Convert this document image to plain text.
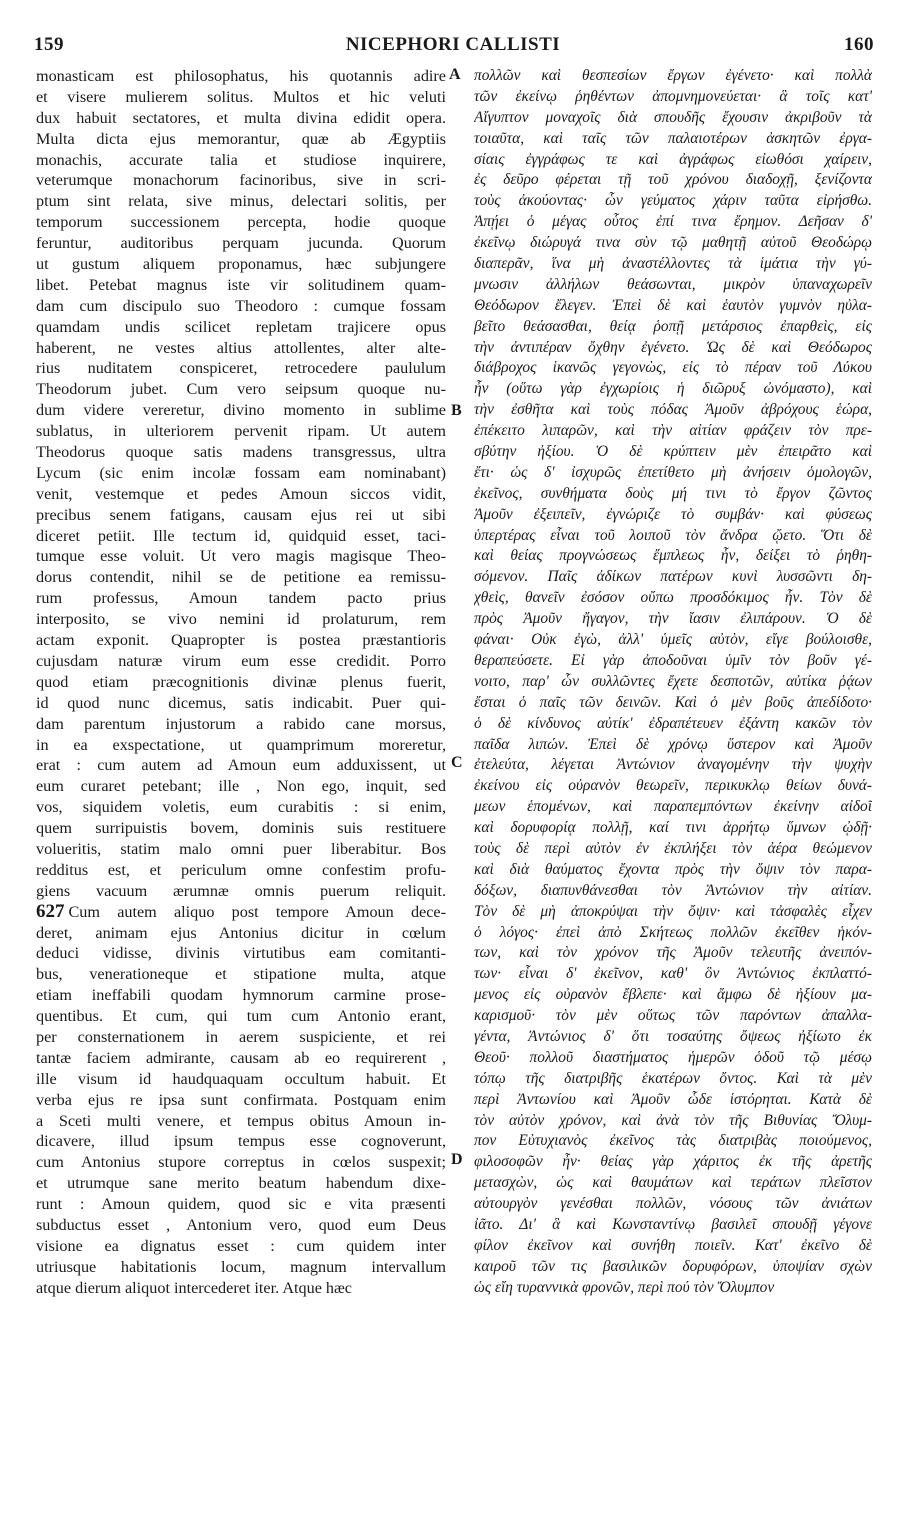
159	NICEPHORI CALLISTI	160
A
B
C
D
monasticam est philosophatus, his quotannis adire
et visere mulierem solitus. Multos et hic veluti
dux habuit sectatores, et multa divina edidit opera.
Multa dicta ejus memorantur, quæ ab Ægyptiis
monachis, accurate talia et studiose inquirere,
veterumque monachorum facinoribus, sive in scri-
ptum sint relata, sive minus, delectari solitis, per
temporum successionem percepta, hodie quoque
feruntur, auditoribus perquam jucunda. Quorum
ut gustum aliquem proponamus, hæc subjungere
libet. Petebat magnus iste vir solitudinem quam-
dam cum discipulo suo Theodoro : cumque fossam
quamdam undis scilicet repletam trajicere opus
haberent, ne vestes altius attollentes, alter alte-
rius nuditatem conspiceret, retrocedere paululum
Theodorum jubet. Cum vero seipsum quoque nu-
dum videre vereretur, divino momento in sublime
sublatus, in ulteriorem pervenit ripam. Ut autem
Theodorus quoque satis madens transgressus, ultra
Lycum (sic enim incolæ fossam eam nominabant)
venit, vestemque et pedes Amoun siccos vidit,
precibus senem fatigans, causam ejus rei ut sibi
diceret petiit. Ille tectum id, quidquid esset, taci-
tumque esse voluit. Ut vero magis magisque Theo-
dorus contendit, nihil se de petitione ea remissu-
rum professus, Amoun tandem pacto prius
interposito, se vivo nemini id prolaturum, rem
actam exponit. Quapropter is postea præstantioris
cujusdam naturæ virum eum esse credidit. Porro
quod etiam præcognitionis divinæ plenus fuerit,
id quod nunc dicemus, satis indicabit. Puer qui-
dam parentum injustorum a rabido cane morsus,
in ea exspectatione, ut quamprimum moreretur,
erat : cum autem ad Amoun eum adduxissent, ut
eum curaret petebant; ille , Non ego, inquit, sed
vos, siquidem voletis, eum curabitis : si enim,
quem surripuistis bovem, dominis suis restituere
volueritis, statim malo omni puer liberabitur. Bos
redditus est, et periculum omne confestim profu-
giens vacuum ærumnæ omnis puerum reliquit.
627 Cum autem aliquo post tempore Amoun dece-
deret, animam ejus Antonius dicitur in cœlum
deduci vidisse, divinis virtutibus eam comitanti-
bus, venerationeque et stipatione multa, atque
etiam ineffabili quodam hymnorum carmine prose-
quentibus. Et cum, qui tum cum Antonio erant,
per consternationem in aerem suspiciente, et rei
tantæ faciem admirante, causam ab eo requirerent ,
ille visum id haudquaquam occultum habuit. Et
verba ejus re ipsa sunt confirmata. Postquam enim
a Sceti multi venere, et tempus obitus Amoun in-
dicavere, illud ipsum tempus esse cognoverunt,
cum Antonius stupore correptus in cœlos suspexit;
et utrumque sane merito beatum habendum dixe-
runt : Amoun quidem, quod sic e vita præsenti
subductus esset , Antonium vero, quod eum Deus
visione ea dignatus esset : cum quidem inter
utriusque habitationis locum, magnum intervallum
atque dierum aliquot intercederet iter. Atque hæc
πολλῶν καὶ θεσπεσίων ἔργων ἐγένετο· καὶ πολλὰ
τῶν ἐκείνῳ ῥηθέντων ἀπομνημονεύεται· ἃ τοῖς κατ'
Αἴγυπτον μοναχοῖς διὰ σπουδῆς ἔχουσιν ἀκριβοῦν τὰ
τοιαῦτα, καὶ ταῖς τῶν παλαιοτέρων ἀσκητῶν ἐργα-
σίαις ἐγγράφως τε καὶ ἀγράφως εἰωθόσι χαίρειν,
ἐς δεῦρο φέρεται τῇ τοῦ χρόνου διαδοχῇ, ξενίζοντα
τοὺς ἀκούοντας· ὧν γεύματος χάριν ταῦτα εἰρήσθω.
Ἀπῄει ὁ μέγας οὗτος ἐπί τινα ἔρημον. Δεῆσαν δ'
ἐκεῖνῳ διώρυγά τινα σὺν τῷ μαθητῇ αὐτοῦ Θεοδώρῳ
διαπερᾶν, ἵνα μὴ ἀναστέλλοντες τὰ ἱμάτια τὴν γύ-
μνωσιν ἀλλήλων θεάσωνται, μικρὸν ὑπαναχωρεῖν
Θεόδωρον ἔλεγεν. Ἐπεὶ δὲ καὶ ἑαυτὸν γυμνὸν ηὐλα-
βεῖτο θεάσασθαι, θείᾳ ῥοπῇ μετάρσιος ἐπαρθεὶς, εἰς
τὴν ἀντιπέραν ὄχθην ἐγένετο. Ὡς δὲ καὶ Θεόδωρος
διάβροχος ἱκανῶς γεγονὼς, εἰς τὸ πέραν τοῦ Λύκου
ἦν (οὕτω γὰρ ἐγχωρίοις ἡ διῶρυξ ὠνόμαστο), καὶ
τὴν ἐσθῆτα καὶ τοὺς πόδας Ἀμοῦν ἀβρόχους ἑώρα,
ἐπέκειτο λιπαρῶν, καὶ τὴν αἰτίαν φράζειν τὸν πρε-
σβύτην ἠξίου. Ὁ δὲ κρύπτειν μὲν ἐπειρᾶτο καὶ
ἔτι· ὡς δ' ἰσχυρῶς ἐπετίθετο μὴ ἀνήσειν ὁμολογῶν,
ἐκεῖνος, συνθήματα δοὺς μή τινι τὸ ἔργον ζῶντος
Ἀμοῦν ἐξειπεῖν, ἐγνώριζε τὸ συμβάν· καὶ φύσεως
ὑπερτέρας εἶναι τοῦ λοιποῦ τὸν ἄνδρα ᾤετο. Ὅτι δὲ
καὶ θείας προγνώσεως ἔμπλεως ἦν, δείξει τὸ ῥηθη-
σόμενον. Παῖς ἀδίκων πατέρων κυνὶ λυσσῶντι δη-
χθεὶς, θανεῖν ἐσόσον οὔπω προσδόκιμος ἦν. Τὸν δὲ
πρὸς Ἀμοῦν ἤγαγον, τὴν ἴασιν ἐλιπάρουν. Ὁ δὲ
φάναι· Οὐκ ἐγὼ, ἀλλ' ὑμεῖς αὐτὸν, εἴγε βούλοισθε,
θεραπεύσετε. Εἰ γὰρ ἀποδοῦναι ὑμῖν τὸν βοῦν γέ-
νοιτο, παρ' ὧν συλλῶντες ἔχετε δεσποτῶν, αὐτίκα ῥᾴων
ἔσται ὁ παῖς τῶν δεινῶν. Καὶ ὁ μὲν βοῦς ἀπεδίδοτο·
ὁ δὲ κίνδυνος αὐτίκ' ἐδραπέτευεν ἐξάντη κακῶν τὸν
παῖδα λιπών. Ἐπεὶ δὲ χρόνῳ ὕστερον καὶ Ἀμοῦν
ἐτελεύτα, λέγεται Ἀντώνιον ἀναγομένην τὴν ψυχὴν
ἐκείνου εἰς οὐρανὸν θεωρεῖν, περικυκλῳ θείων δυνά-
μεων ἑπομένων, καὶ παραπεμπόντων ἐκείνην αἰδοῖ
καὶ δορυφορίᾳ πολλῇ, καί τινι ἀρρήτῳ ὕμνων ᾠδῇ·
τοὺς δὲ περὶ αὐτὸν ἐν ἐκπλήξει τὸν ἀέρα θεώμενον
καὶ διὰ θαύματος ἔχοντα πρὸς τὴν ὄψιν τὸν παρα-
δόξων, διαπυνθάνεσθαι τὸν Ἀντώνιον τὴν αἰτίαν.
Τὸν δὲ μὴ ἀποκρύψαι τὴν ὄψιν· καὶ τἀσφαλὲς εἶχεν
ὁ λόγος· ἐπεὶ ἀπὸ Σκήτεως πολλῶν ἐκεῖθεν ἡκόν-
των, καὶ τὸν χρόνον τῆς Ἀμοῦν τελευτῆς ἀνειπόν-
των· εἶναι δ' ἐκεῖνον, καθ' ὃν Ἀντώνιος ἐκπλαττό-
μενος εἰς οὐρανὸν ἔβλεπε· καὶ ἄμφω δὲ ἠξίουν μα-
καρισμοῦ· τὸν μὲν οὕτως τῶν παρόντων ἀπαλλα-
γέντα, Ἀντώνιος δ' ὅτι τοσαύτης ὄψεως ἠξίωτο ἐκ
Θεοῦ· πολλοῦ διαστήματος ἡμερῶν ὁδοῦ τῷ μέσῳ
τόπῳ τῆς διατριβῆς ἑκατέρων ὄντος. Καὶ τὰ μὲν
περὶ Ἀντωνίου καὶ Ἀμοῦν ὧδε ἱστόρηται. Κατὰ δὲ
τὸν αὐτὸν χρόνον, καὶ ἀνὰ τὸν τῆς Βιθυνίας Ὄλυμ-
πον Εὐτυχιανὸς ἐκεῖνος τὰς διατριβὰς ποιούμενος,
φιλοσοφῶν ἦν· θείας γὰρ χάριτος ἐκ τῆς ἀρετῆς
μετασχὼν, ὡς καὶ θαυμάτων καὶ τεράτων πλεῖστον
αὐτουργὸν γενέσθαι πολλῶν, νόσους τῶν ἀνιάτων
ἰᾶτο. Δι' ἃ καὶ Κωνσταντίνῳ βασιλεῖ σπουδῇ γέγονε
φίλον ἐκεῖνον καὶ συνήθη ποιεῖν. Κατ' ἐκεῖνο δὲ
καιροῦ τῶν τις βασιλικῶν δορυφόρων, ὑποψίαν σχὼν
ὡς εἴη τυραννικὰ φρονῶν, περὶ πού τὸν Ὄλυμπον
